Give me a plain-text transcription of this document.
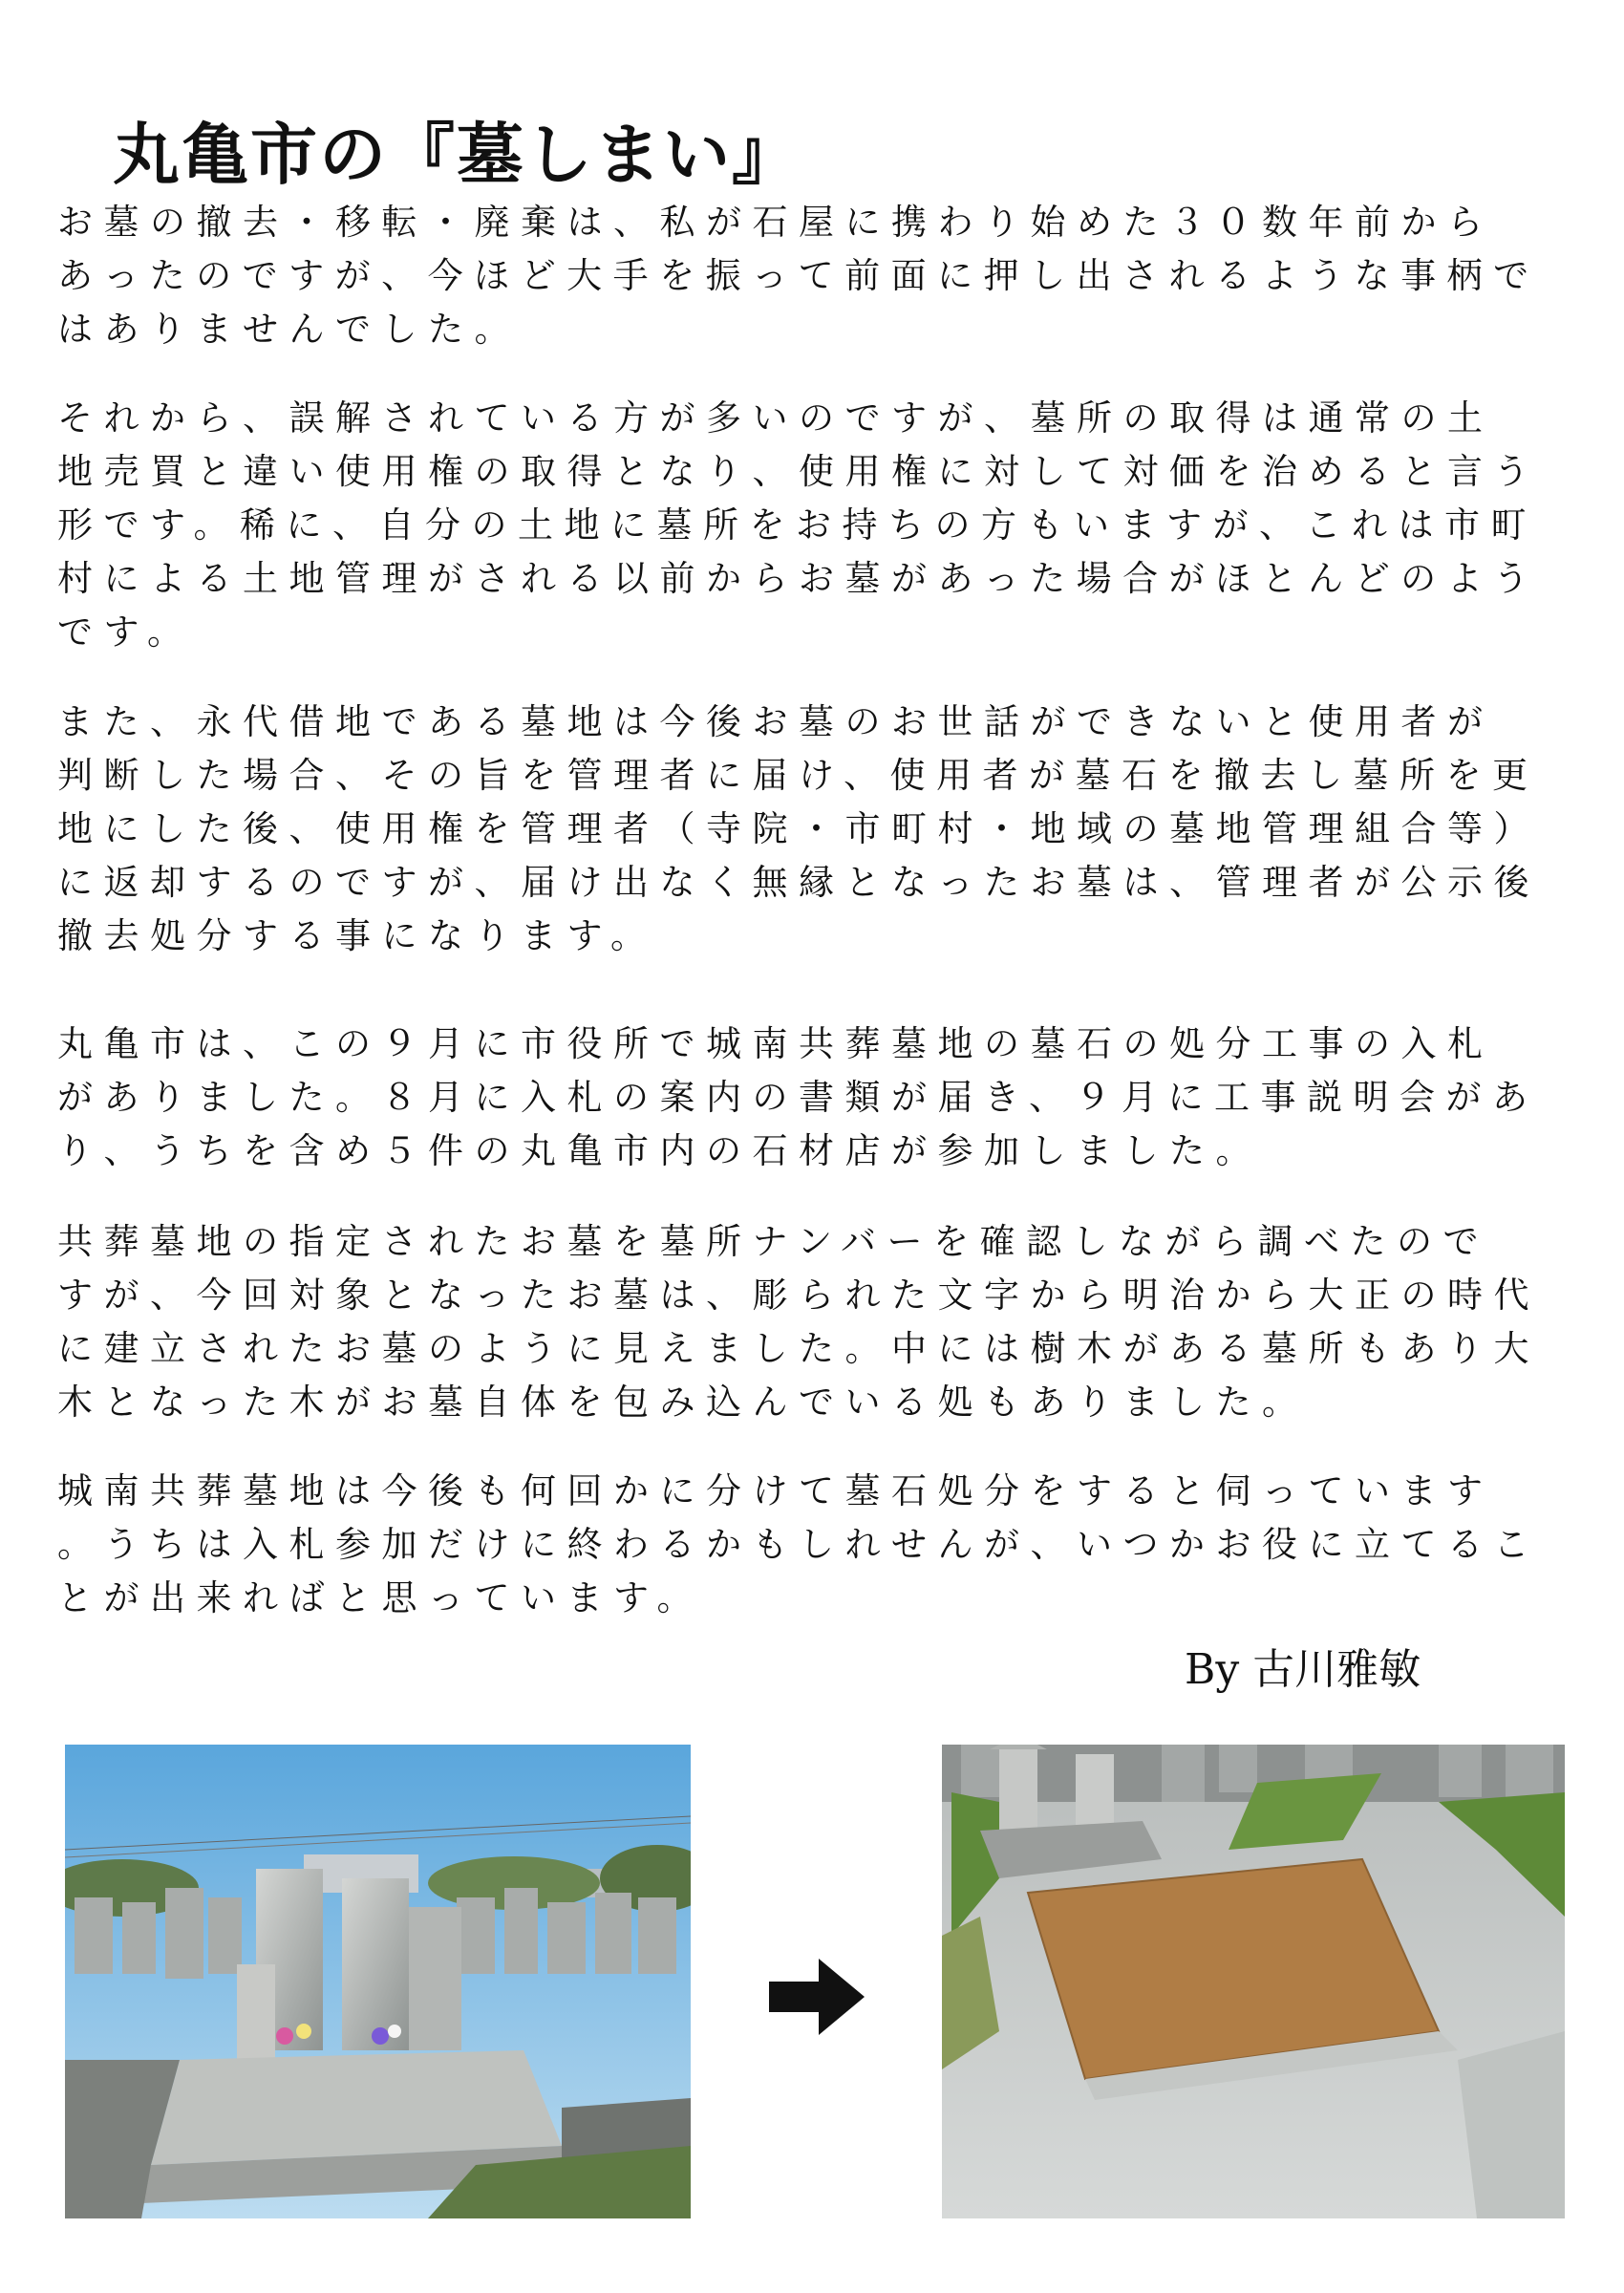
丸亀市の『墓しまい』

お墓の撤去・移転・廃棄は、私が石屋に携わり始めた３０数年前から
あったのですが、今ほど大手を振って前面に押し出されるような事柄で
はありませんでした。

それから、誤解されている方が多いのですが、墓所の取得は通常の土
地売買と違い使用権の取得となり、使用権に対して対価を治めると言う
形です。稀に、自分の土地に墓所をお持ちの方もいますが、これは市町
村による土地管理がされる以前からお墓があった場合がほとんどのよう
です。

また、永代借地である墓地は今後お墓のお世話ができないと使用者が
判断した場合、その旨を管理者に届け、使用者が墓石を撤去し墓所を更
地にした後、使用権を管理者（寺院・市町村・地域の墓地管理組合等）
に返却するのですが、届け出なく無縁となったお墓は、管理者が公示後
撤去処分する事になります。

丸亀市は、この９月に市役所で城南共葬墓地の墓石の処分工事の入札
がありました。８月に入札の案内の書類が届き、９月に工事説明会があ
り、うちを含め５件の丸亀市内の石材店が参加しました。

共葬墓地の指定されたお墓を墓所ナンバーを確認しながら調べたので
すが、今回対象となったお墓は、彫られた文字から明治から大正の時代
に建立されたお墓のように見えました。中には樹木がある墓所もあり大
木となった木がお墓自体を包み込んでいる処もありました。

城南共葬墓地は今後も何回かに分けて墓石処分をすると伺っています
。うちは入札参加だけに終わるかもしれせんが、いつかお役に立てるこ
とが出来ればと思っています。

By 古川雅敏
